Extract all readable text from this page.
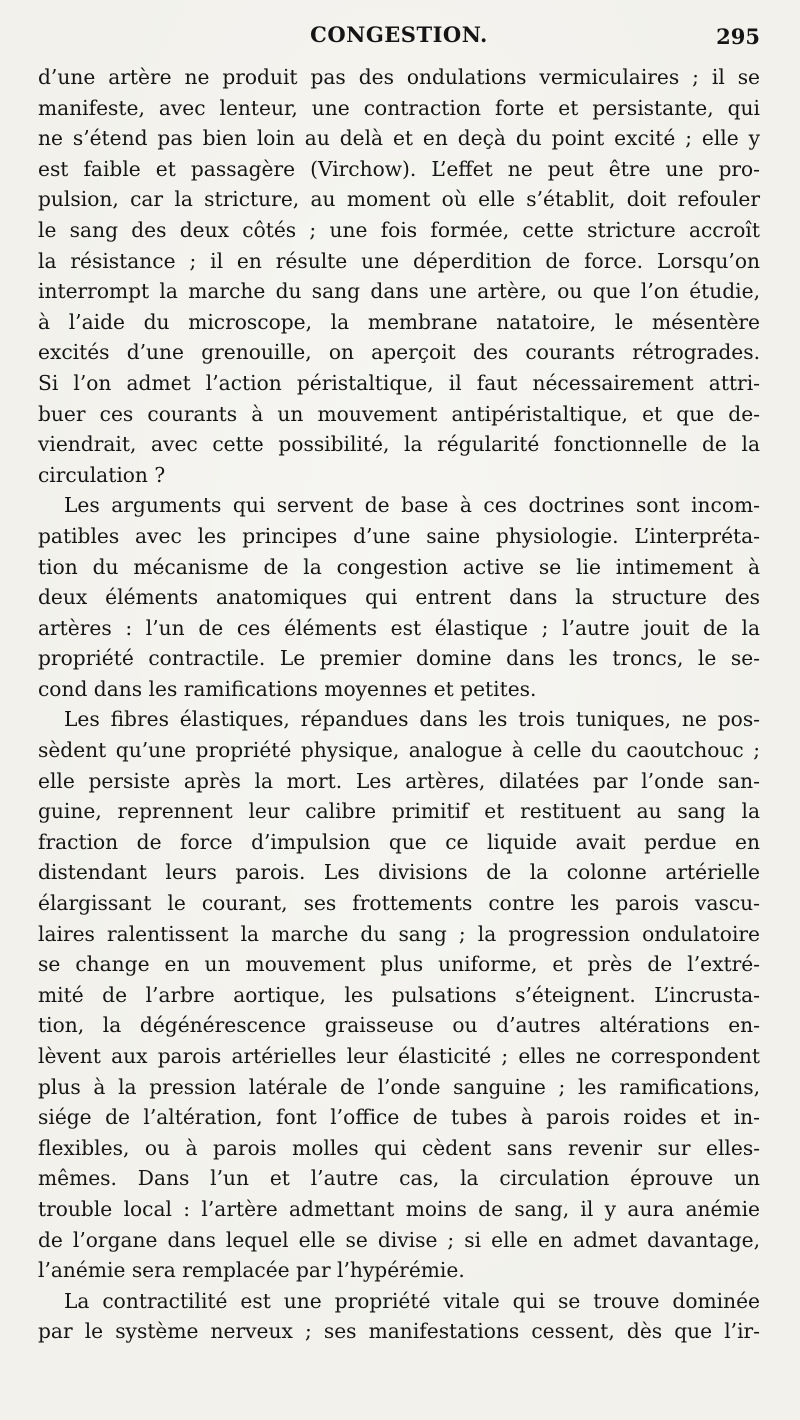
CONGESTION.	295
d’une artère ne produit pas des ondulations vermiculaires ; il se
manifeste, avec lenteur, une contraction forte et persistante, qui
ne s’étend pas bien loin au delà et en deçà du point excité ; elle y
est faible et passagère (Virchow). L’effet ne peut être une pro-
pulsion, car la stricture, au moment où elle s’établit, doit refouler
le sang des deux côtés ; une fois formée, cette stricture accroît
la résistance ; il en résulte une déperdition de force. Lorsqu’on
interrompt la marche du sang dans une artère, ou que l’on étudie,
à l’aide du microscope, la membrane natatoire, le mésentère
excités d’une grenouille, on aperçoit des courants rétrogrades.
Si l’on admet l’action péristaltique, il faut nécessairement attri-
buer ces courants à un mouvement antipéristaltique, et que de-
viendrait, avec cette possibilité, la régularité fonctionnelle de la
circulation ?
Les arguments qui servent de base à ces doctrines sont incom-
patibles avec les principes d’une saine physiologie. L’interpréta-
tion du mécanisme de la congestion active se lie intimement à
deux éléments anatomiques qui entrent dans la structure des
artères : l’un de ces éléments est élastique ; l’autre jouit de la
propriété contractile. Le premier domine dans les troncs, le se-
cond dans les ramifications moyennes et petites.
Les fibres élastiques, répandues dans les trois tuniques, ne pos-
sèdent qu’une propriété physique, analogue à celle du caoutchouc ;
elle persiste après la mort. Les artères, dilatées par l’onde san-
guine, reprennent leur calibre primitif et restituent au sang la
fraction de force d’impulsion que ce liquide avait perdue en
distendant leurs parois. Les divisions de la colonne artérielle
élargissant le courant, ses frottements contre les parois vascu-
laires ralentissent la marche du sang ; la progression ondulatoire
se change en un mouvement plus uniforme, et près de l’extré-
mité de l’arbre aortique, les pulsations s’éteignent. L’incrusta-
tion, la dégénérescence graisseuse ou d’autres altérations en-
lèvent aux parois artérielles leur élasticité ; elles ne correspondent
plus à la pression latérale de l’onde sanguine ; les ramifications,
siége de l’altération, font l’office de tubes à parois roides et in-
flexibles, ou à parois molles qui cèdent sans revenir sur elles-
mêmes. Dans l’un et l’autre cas, la circulation éprouve un
trouble local : l’artère admettant moins de sang, il y aura anémie
de l’organe dans lequel elle se divise ; si elle en admet davantage,
l’anémie sera remplacée par l’hypérémie.
La contractilité est une propriété vitale qui se trouve dominée
par le système nerveux ; ses manifestations cessent, dès que l’ir-
